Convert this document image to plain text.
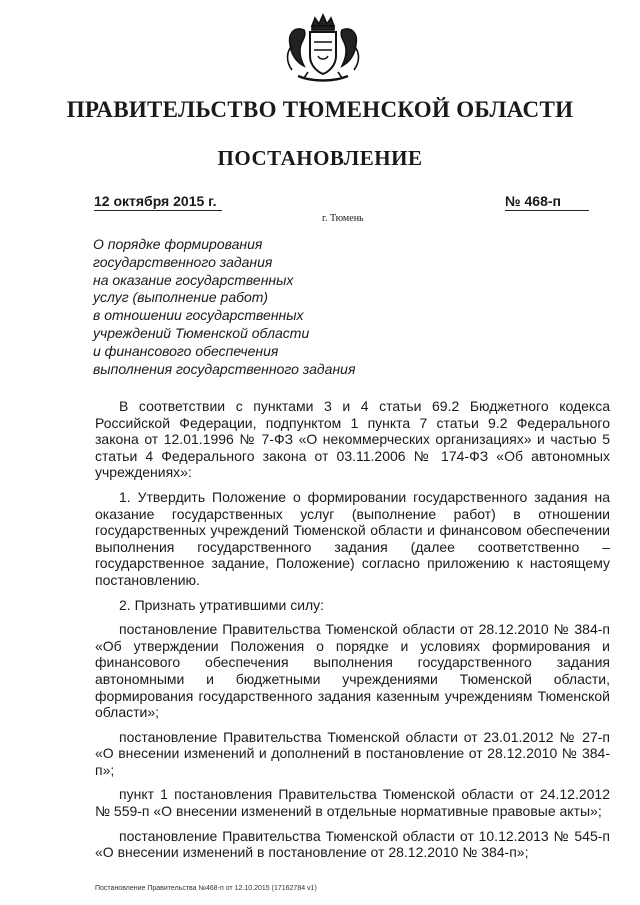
ПРАВИТЕЛЬСТВО ТЮМЕНСКОЙ ОБЛАСТИ
ПОСТАНОВЛЕНИЕ
12 октября 2015 г.	№ 468-п
г. Тюмень
О порядке формирования
государственного задания
на оказание государственных
услуг (выполнение работ)
в отношении государственных
учреждений Тюменской области
и финансового обеспечения
выполнения государственного задания

В соответствии с пунктами 3 и 4 статьи 69.2 Бюджетного кодекса Российской Федерации, подпунктом 1 пункта 7 статьи 9.2 Федерального закона от 12.01.1996 № 7-ФЗ «О некоммерческих организациях» и частью 5 статьи 4 Федерального закона от 03.11.2006 № 174-ФЗ «Об автономных учреждениях»:

1. Утвердить Положение о формировании государственного задания на оказание государственных услуг (выполнение работ) в отношении государственных учреждений Тюменской области и финансовом обеспечении выполнения государственного задания (далее соответственно – государственное задание, Положение) согласно приложению к настоящему постановлению.

2. Признать утратившими силу:

постановление Правительства Тюменской области от 28.12.2010 № 384-п «Об утверждении Положения о порядке и условиях формирования и финансового обеспечения выполнения государственного задания автономными и бюджетными учреждениями Тюменской области, формирования государственного задания казенным учреждениям Тюменской области»;

постановление Правительства Тюменской области от 23.01.2012 № 27-п «О внесении изменений и дополнений в постановление от 28.12.2010 № 384-п»;

пункт 1 постановления Правительства Тюменской области от 24.12.2012 № 559-п «О внесении изменений в отдельные нормативные правовые акты»;

постановление Правительства Тюменской области от 10.12.2013 № 545-п «О внесении изменений в постановление от 28.12.2010 № 384-п»;

Постановление Правительства №468-п от 12.10.2015 (17162784 v1)
